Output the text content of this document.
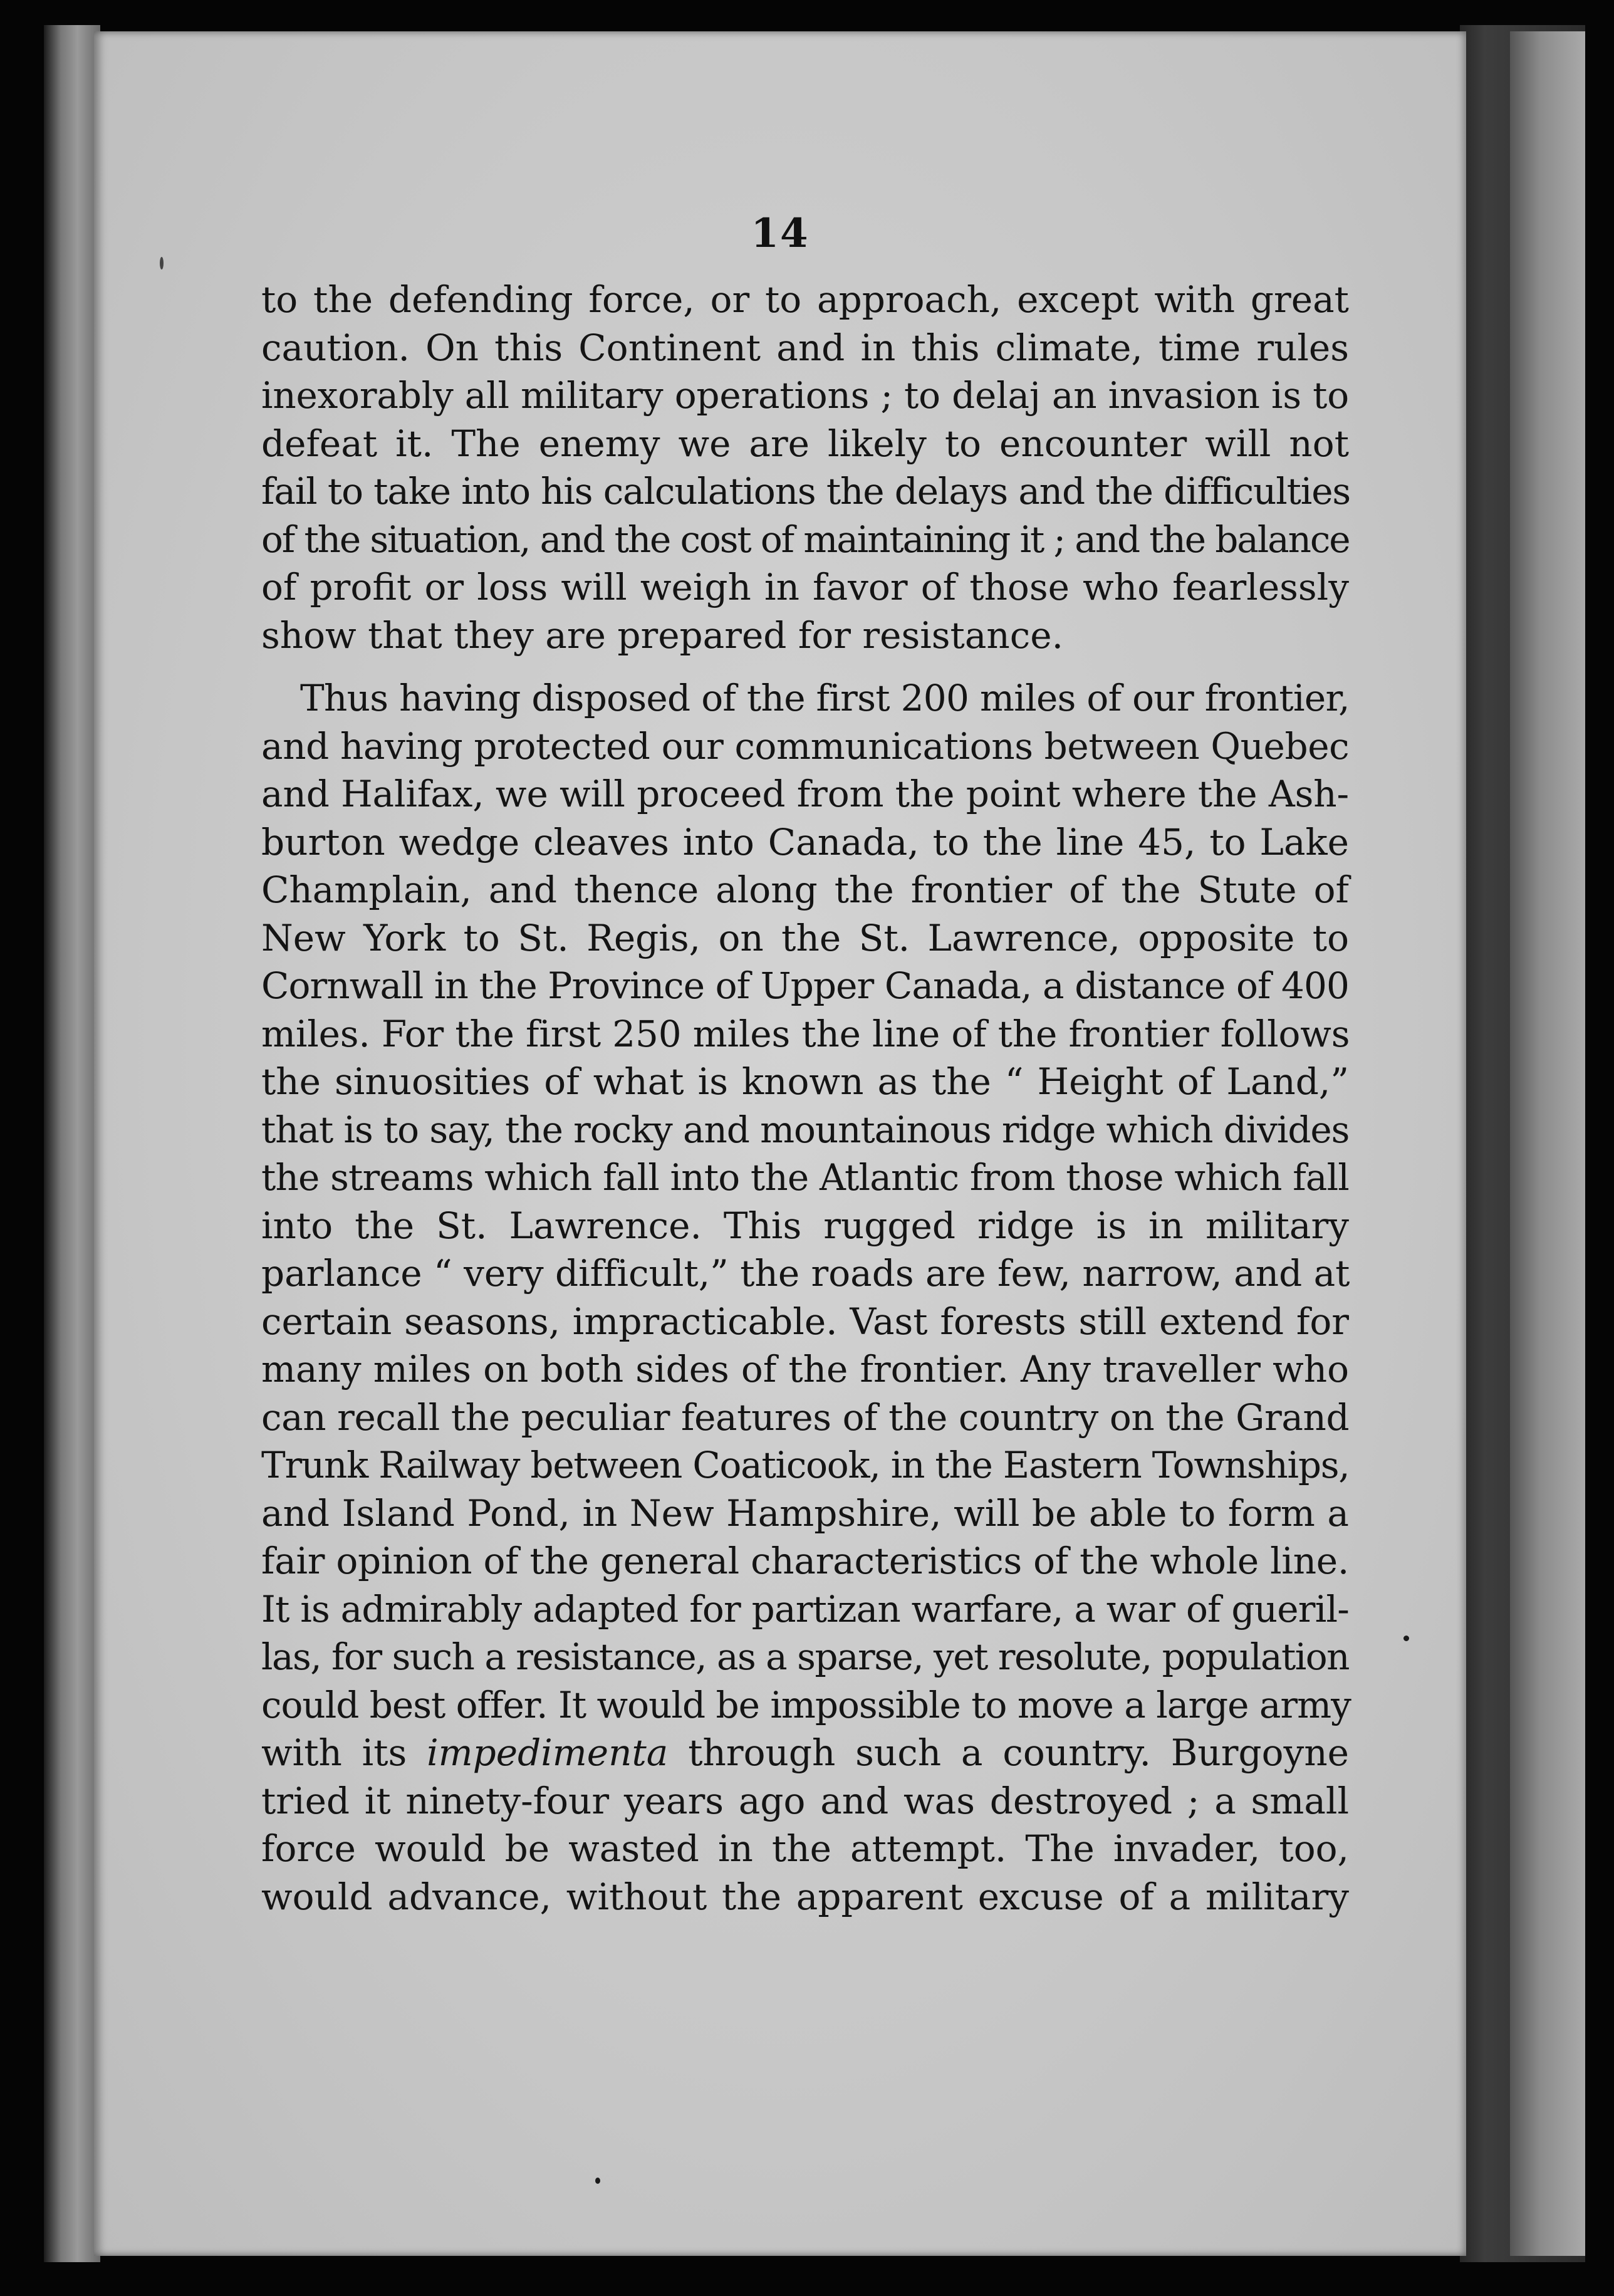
14
to the defending force, or to approach, except with great
caution. On this Continent and in this climate, time rules
inexorably all military operations ; to delaj an invasion is to
defeat it. The enemy we are likely to encounter will not
fail to take into his calculations the delays and the difficulties
of the situation, and the cost of maintaining it ; and the balance
of profit or loss will weigh in favor of those who fearlessly
show that they are prepared for resistance.
Thus having disposed of the first 200 miles of our frontier,
and having protected our communications between Quebec
and Halifax, we will proceed from the point where the Ash-
burton wedge cleaves into Canada, to the line 45, to Lake
Champlain, and thence along the frontier of the Stute of
New York to St. Regis, on the St. Lawrence, opposite to
Cornwall in the Province of Upper Canada, a distance of 400
miles. For the first 250 miles the line of the frontier follows
the sinuosities of what is known as the “ Height of Land,”
that is to say, the rocky and mountainous ridge which divides
the streams which fall into the Atlantic from those which fall
into the St. Lawrence. This rugged ridge is in military
parlance “ very difficult,” the roads are few, narrow, and at
certain seasons, impracticable. Vast forests still extend for
many miles on both sides of the frontier. Any traveller who
can recall the peculiar features of the country on the Grand
Trunk Railway between Coaticook, in the Eastern Townships,
and Island Pond, in New Hampshire, will be able to form a
fair opinion of the general characteristics of the whole line.
It is admirably adapted for partizan warfare, a war of gueril-
las, for such a resistance, as a sparse, yet resolute, population
could best offer. It would be impossible to move a large army
with its impedimenta through such a country. Burgoyne
tried it ninety-four years ago and was destroyed ; a small
force would be wasted in the attempt. The invader, too,
would advance, without the apparent excuse of a military
